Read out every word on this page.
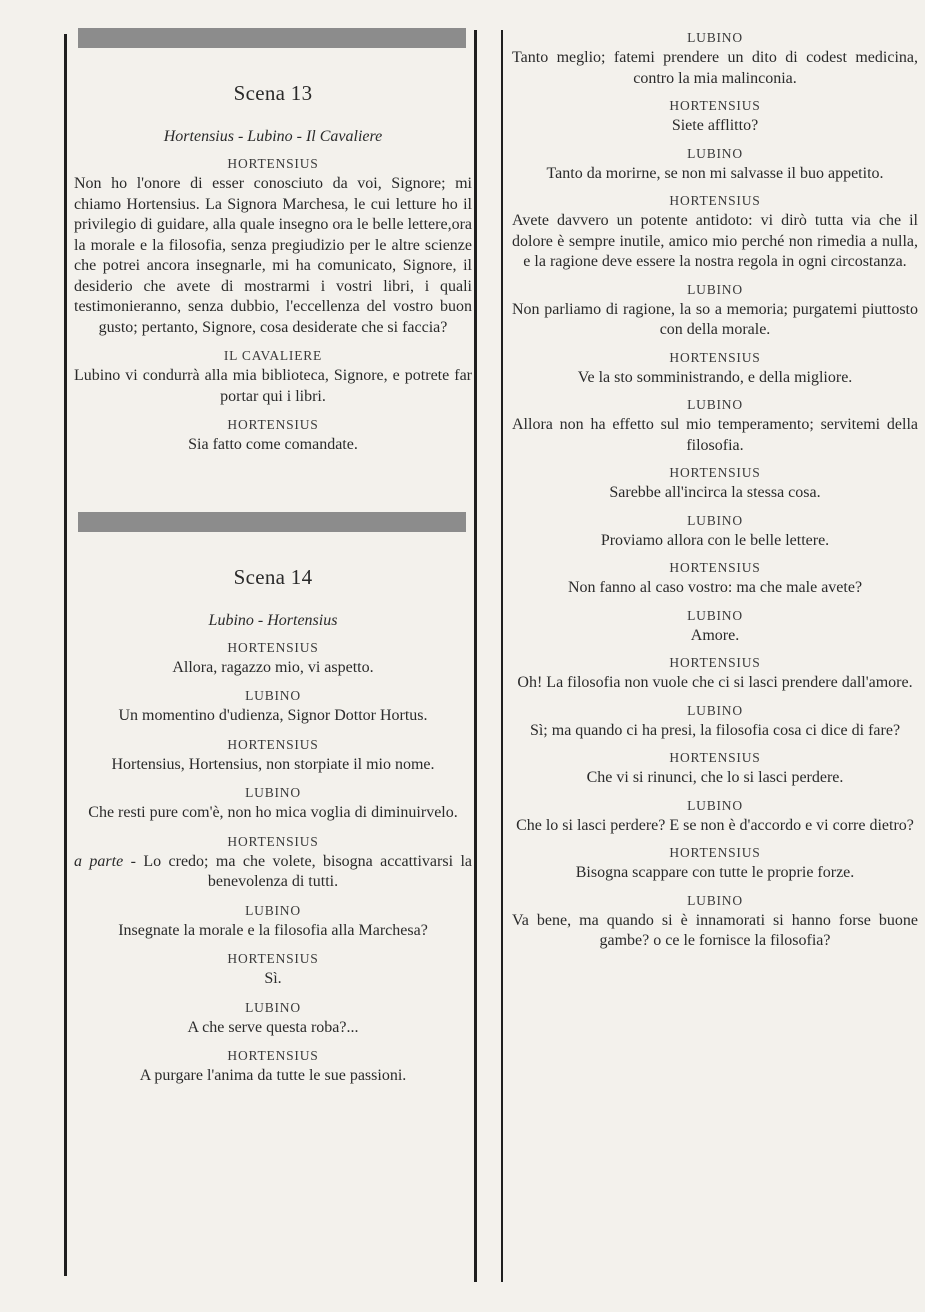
Scena 13
Hortensius - Lubino - Il Cavaliere
HORTENSIUS
Non ho l'onore di esser conosciuto da voi, Signore; mi chiamo Hortensius. La Signora Marchesa, le cui letture ho il privilegio di guidare, alla quale insegno ora le belle lettere,ora la morale e la filosofia, senza pregiudizio per le altre scienze che potrei ancora insegnarle, mi ha comunicato, Signore, il desiderio che avete di mostrarmi i vostri libri, i quali testimonieranno, senza dubbio, l'eccellenza del vostro buon gusto; pertanto, Signore, cosa desiderate che si faccia?
IL CAVALIERE
Lubino vi condurrà alla mia biblioteca, Signore, e potrete far portar qui i libri.
HORTENSIUS
Sia fatto come comandate.
Scena 14
Lubino - Hortensius
HORTENSIUS
Allora, ragazzo mio, vi aspetto.
LUBINO
Un momentino d'udienza, Signor Dottor Hortus.
HORTENSIUS
Hortensius, Hortensius, non storpiate il mio nome.
LUBINO
Che resti pure com'è, non ho mica voglia di diminuirvelo.
HORTENSIUS
a parte - Lo credo; ma che volete, bisogna accattivarsi la benevolenza di tutti.
LUBINO
Insegnate la morale e la filosofia alla Marchesa?
HORTENSIUS
Sì.
LUBINO
A che serve questa roba?...
HORTENSIUS
A purgare l'anima da tutte le sue passioni.
LUBINO
Tanto meglio; fatemi prendere un dito di codest medicina, contro la mia malinconia.
HORTENSIUS
Siete afflitto?
LUBINO
Tanto da morirne, se non mi salvasse il buo appetito.
HORTENSIUS
Avete davvero un potente antidoto: vi dirò tutta via che il dolore è sempre inutile, amico mio perché non rimedia a nulla, e la ragione deve essere la nostra regola in ogni circostanza.
LUBINO
Non parliamo di ragione, la so a memoria; purgatemi piuttosto con della morale.
HORTENSIUS
Ve la sto somministrando, e della migliore.
LUBINO
Allora non ha effetto sul mio temperamento; servitemi della filosofia.
HORTENSIUS
Sarebbe all'incirca la stessa cosa.
LUBINO
Proviamo allora con le belle lettere.
HORTENSIUS
Non fanno al caso vostro: ma che male avete?
LUBINO
Amore.
HORTENSIUS
Oh! La filosofia non vuole che ci si lasci prendere dall'amore.
LUBINO
Sì; ma quando ci ha presi, la filosofia cosa ci dice di fare?
HORTENSIUS
Che vi si rinunci, che lo si lasci perdere.
LUBINO
Che lo si lasci perdere? E se non è d'accordo e vi corre dietro?
HORTENSIUS
Bisogna scappare con tutte le proprie forze.
LUBINO
Va bene, ma quando si è innamorati si hanno forse buone gambe? o ce le fornisce la filosofia?
